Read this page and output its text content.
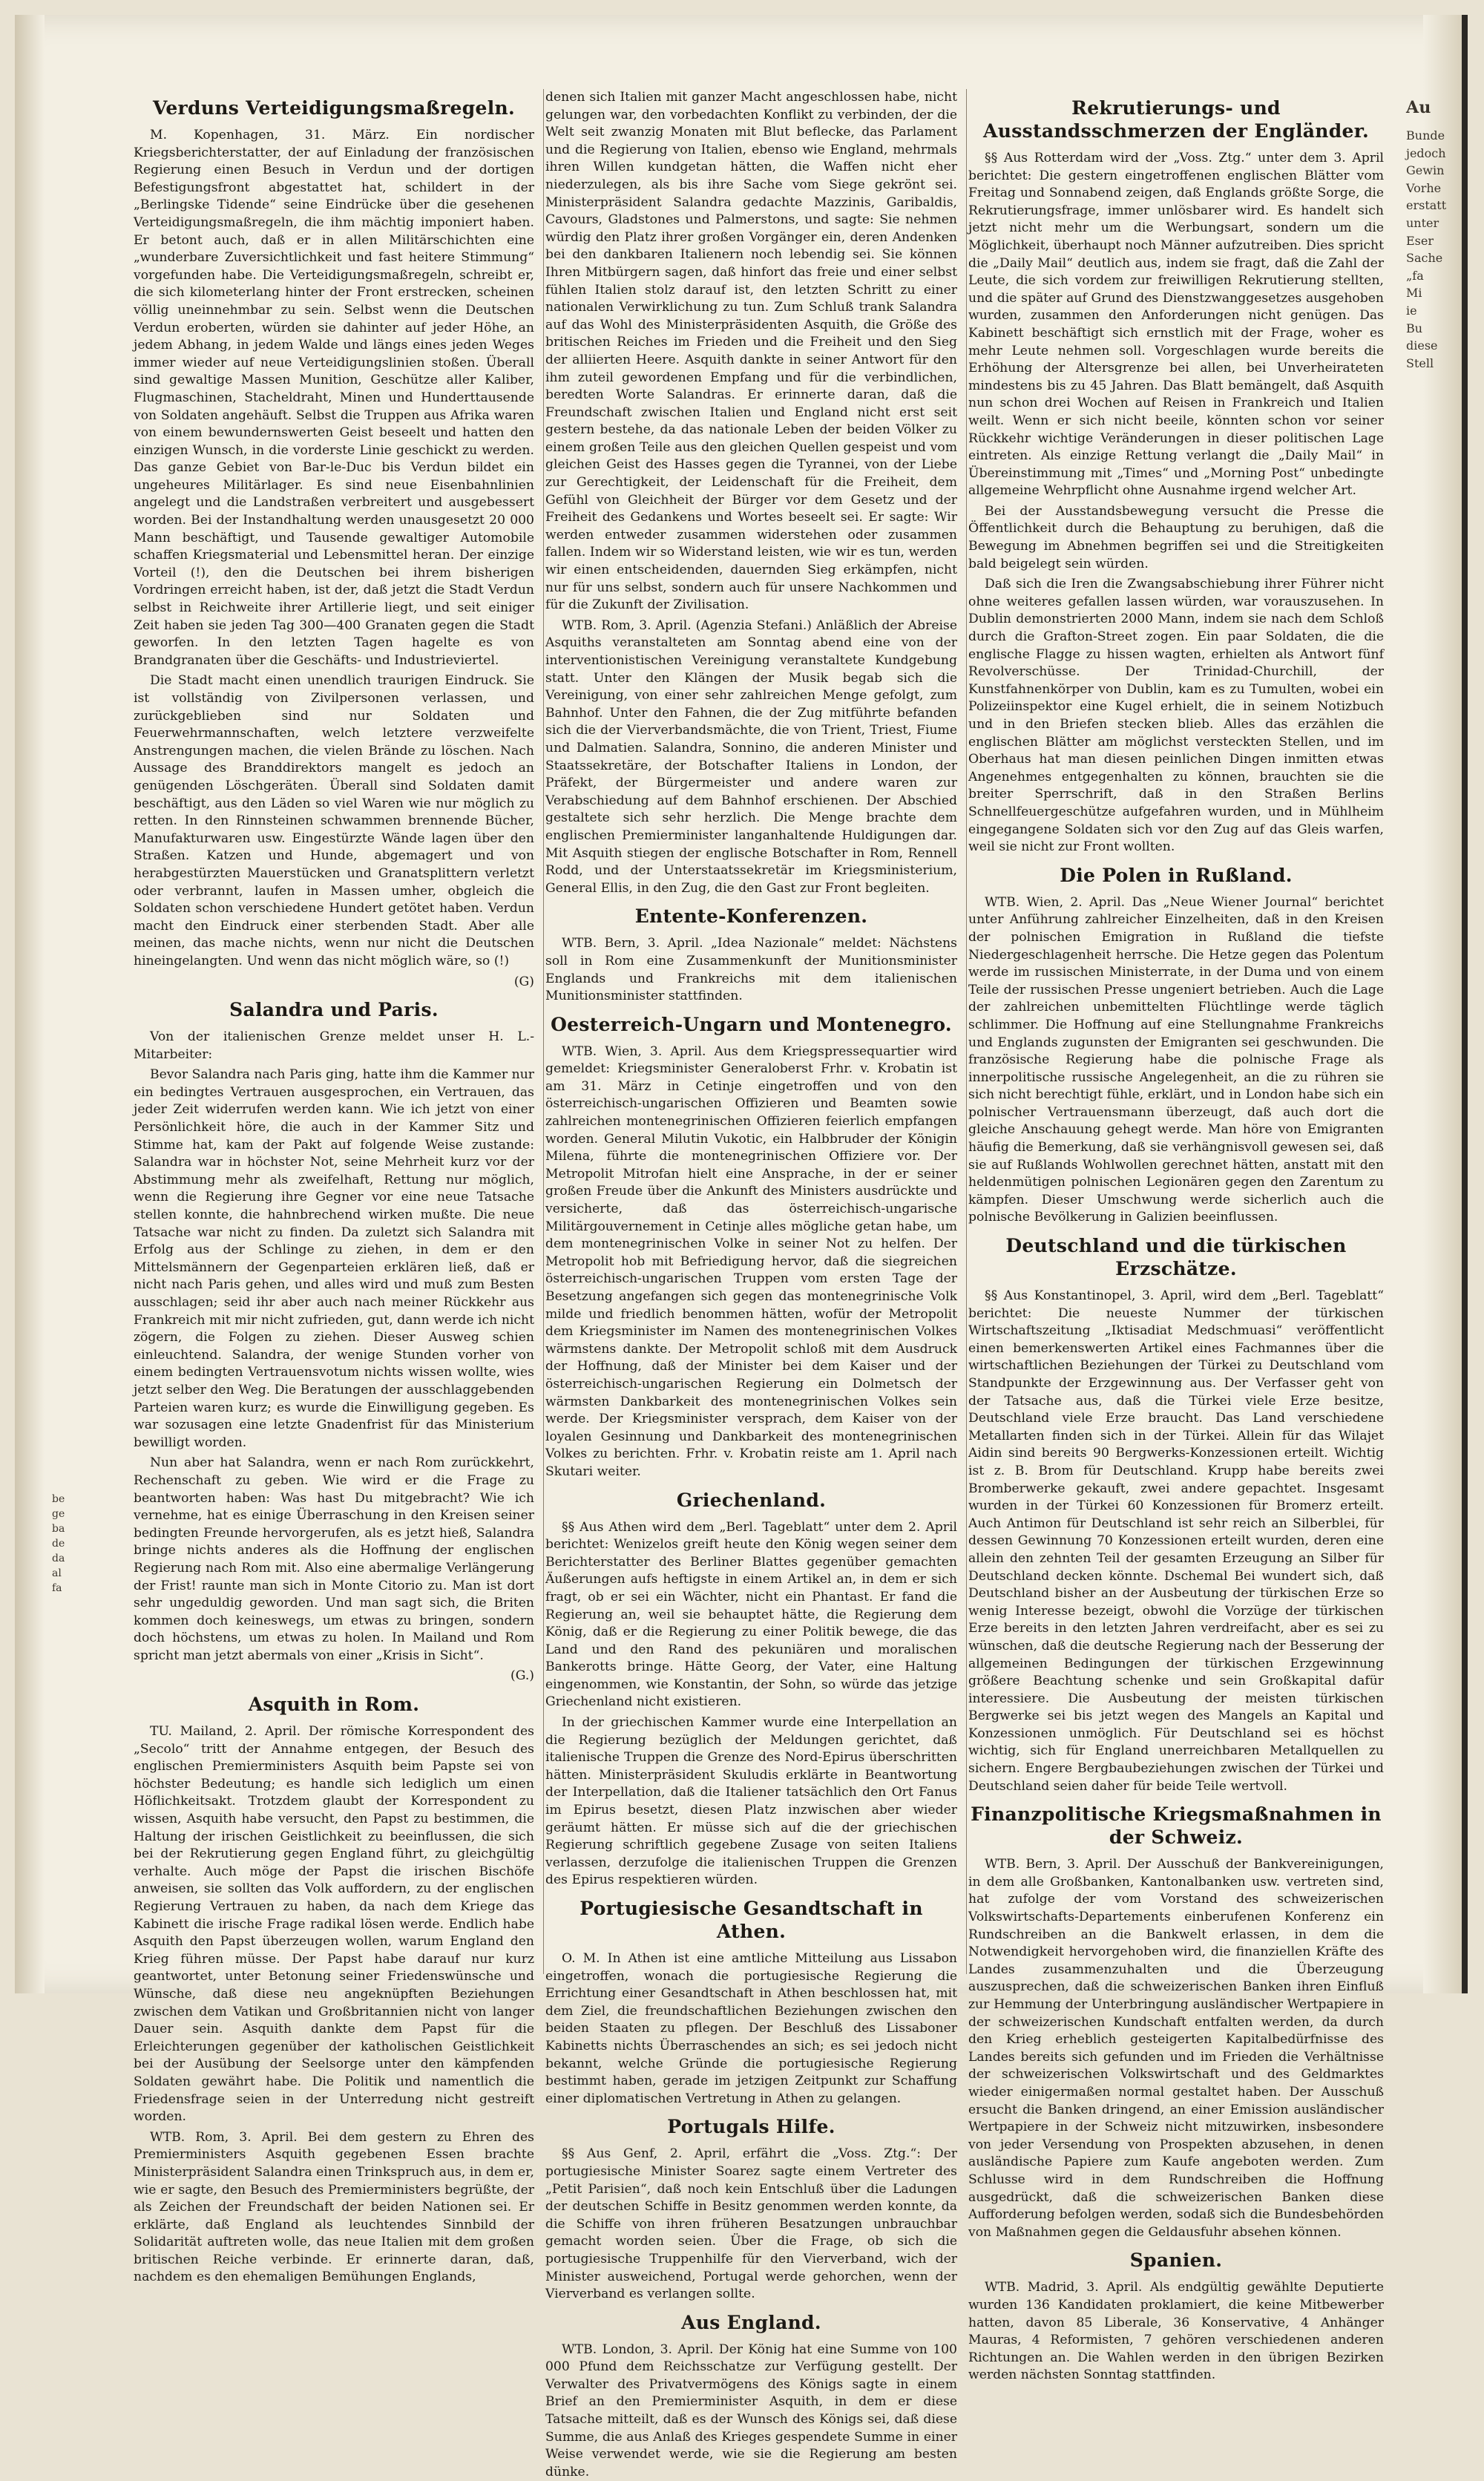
be
ge
ba
de
da
al
fa
Verduns Verteidigungsmaßregeln.

M. Kopenhagen, 31. März. Ein nordischer Kriegsberichterstatter, der auf Einladung der französischen Regierung einen Besuch in Verdun und der dortigen Befestigungsfront abgestattet hat, schildert in der „Berlingske Tidende“ seine Eindrücke über die gesehenen Verteidigungsmaßregeln, die ihm mächtig imponiert haben. Er betont auch, daß er in allen Militärschichten eine „wunderbare Zuversichtlichkeit und fast heitere Stimmung“ vorgefunden habe. Die Verteidigungsmaßregeln, schreibt er, die sich kilometerlang hinter der Front erstrecken, scheinen völlig uneinnehmbar zu sein. Selbst wenn die Deutschen Verdun eroberten, würden sie dahinter auf jeder Höhe, an jedem Abhang, in jedem Walde und längs eines jeden Weges immer wieder auf neue Verteidigungslinien stoßen. Überall sind gewaltige Massen Munition, Geschütze aller Kaliber, Flugmaschinen, Stacheldraht, Minen und Hunderttausende von Soldaten angehäuft. Selbst die Truppen aus Afrika waren von einem bewundernswerten Geist beseelt und hatten den einzigen Wunsch, in die vorderste Linie geschickt zu werden. Das ganze Gebiet von Bar-le-Duc bis Verdun bildet ein ungeheures Militärlager. Es sind neue Eisenbahnlinien angelegt und die Landstraßen verbreitert und ausgebessert worden. Bei der Instandhaltung werden unausgesetzt 20 000 Mann beschäftigt, und Tausende gewaltiger Automobile schaffen Kriegsmaterial und Lebensmittel heran. Der einzige Vorteil (!), den die Deutschen bei ihrem bisherigen Vordringen erreicht haben, ist der, daß jetzt die Stadt Verdun selbst in Reichweite ihrer Artillerie liegt, und seit einiger Zeit haben sie jeden Tag 300—400 Granaten gegen die Stadt geworfen. In den letzten Tagen hagelte es von Brandgranaten über die Geschäfts- und Industrieviertel.

Die Stadt macht einen unendlich traurigen Eindruck. Sie ist vollständig von Zivilpersonen verlassen, und zurückgeblieben sind nur Soldaten und Feuerwehrmannschaften, welch letztere verzweifelte Anstrengungen machen, die vielen Brände zu löschen. Nach Aussage des Branddirektors mangelt es jedoch an genügenden Löschgeräten. Überall sind Soldaten damit beschäftigt, aus den Läden so viel Waren wie nur möglich zu retten. In den Rinnsteinen schwammen brennende Bücher, Manufakturwaren usw. Eingestürzte Wände lagen über den Straßen. Katzen und Hunde, abgemagert und von herabgestürzten Mauerstücken und Granatsplittern verletzt oder verbrannt, laufen in Massen umher, obgleich die Soldaten schon verschiedene Hundert getötet haben. Verdun macht den Eindruck einer sterbenden Stadt. Aber alle meinen, das mache nichts, wenn nur nicht die Deutschen hineingelangten. Und wenn das nicht möglich wäre, so (!)

(G)
Salandra und Paris.

Von der italienischen Grenze meldet unser H. L.-Mitarbeiter:

Bevor Salandra nach Paris ging, hatte ihm die Kammer nur ein bedingtes Vertrauen ausgesprochen, ein Vertrauen, das jeder Zeit widerrufen werden kann. Wie ich jetzt von einer Persönlichkeit höre, die auch in der Kammer Sitz und Stimme hat, kam der Pakt auf folgende Weise zustande: Salandra war in höchster Not, seine Mehrheit kurz vor der Abstimmung mehr als zweifelhaft, Rettung nur möglich, wenn die Regierung ihre Gegner vor eine neue Tatsache stellen konnte, die hahnbrechend wirken mußte. Die neue Tatsache war nicht zu finden. Da zuletzt sich Salandra mit Erfolg aus der Schlinge zu ziehen, in dem er den Mittelsmännern der Gegenparteien erklären ließ, daß er nicht nach Paris gehen, und alles wird und muß zum Besten ausschlagen; seid ihr aber auch nach meiner Rückkehr aus Frankreich mit mir nicht zufrieden, gut, dann werde ich nicht zögern, die Folgen zu ziehen. Dieser Ausweg schien einleuchtend. Salandra, der wenige Stunden vorher von einem bedingten Vertrauensvotum nichts wissen wollte, wies jetzt selber den Weg. Die Beratungen der ausschlaggebenden Parteien waren kurz; es wurde die Einwilligung gegeben. Es war sozusagen eine letzte Gnadenfrist für das Ministerium bewilligt worden.

Nun aber hat Salandra, wenn er nach Rom zurückkehrt, Rechenschaft zu geben. Wie wird er die Frage zu beantworten haben: Was hast Du mitgebracht? Wie ich vernehme, hat es einige Überraschung in den Kreisen seiner bedingten Freunde hervorgerufen, als es jetzt hieß, Salandra bringe nichts anderes als die Hoffnung der englischen Regierung nach Rom mit. Also eine abermalige Verlängerung der Frist! raunte man sich in Monte Citorio zu. Man ist dort sehr ungeduldig geworden. Und man sagt sich, die Briten kommen doch keineswegs, um etwas zu bringen, sondern doch höchstens, um etwas zu holen. In Mailand und Rom spricht man jetzt abermals von einer „Krisis in Sicht“.

(G.)
Asquith in Rom.

TU. Mailand, 2. April. Der römische Korrespondent des „Secolo“ tritt der Annahme entgegen, der Besuch des englischen Premierministers Asquith beim Papste sei von höchster Bedeutung; es handle sich lediglich um einen Höflichkeitsakt. Trotzdem glaubt der Korrespondent zu wissen, Asquith habe versucht, den Papst zu bestimmen, die Haltung der irischen Geistlichkeit zu beeinflussen, die sich bei der Rekrutierung gegen England führt, zu gleichgültig verhalte. Auch möge der Papst die irischen Bischöfe anweisen, sie sollten das Volk auffordern, zu der englischen Regierung Vertrauen zu haben, da nach dem Kriege das Kabinett die irische Frage radikal lösen werde. Endlich habe Asquith den Papst überzeugen wollen, warum England den Krieg führen müsse. Der Papst habe darauf nur kurz geantwortet, unter Betonung seiner Friedenswünsche und Wünsche, daß diese neu angeknüpften Beziehungen zwischen dem Vatikan und Großbritannien nicht von langer Dauer sein. Asquith dankte dem Papst für die Erleichterungen gegenüber der katholischen Geistlichkeit bei der Ausübung der Seelsorge unter den kämpfenden Soldaten gewährt habe. Die Politik und namentlich die Friedensfrage seien in der Unterredung nicht gestreift worden.

WTB. Rom, 3. April. Bei dem gestern zu Ehren des Premierministers Asquith gegebenen Essen brachte Ministerpräsident Salandra einen Trinkspruch aus, in dem er, wie er sagte, den Besuch des Premierministers begrüßte, der als Zeichen der Freundschaft der beiden Nationen sei. Er erklärte, daß England als leuchtendes Sinnbild der Solidarität auftreten wolle, das neue Italien mit dem großen britischen Reiche verbinde. Er erinnerte daran, daß, nachdem es den ehemaligen Bemühungen Englands,

denen sich Italien mit ganzer Macht angeschlossen habe, nicht gelungen war, den vorbedachten Konflikt zu verbinden, der die Welt seit zwanzig Monaten mit Blut beflecke, das Parlament und die Regierung von Italien, ebenso wie England, mehrmals ihren Willen kundgetan hätten, die Waffen nicht eher niederzulegen, als bis ihre Sache vom Siege gekrönt sei. Ministerpräsident Salandra gedachte Mazzinis, Garibaldis, Cavours, Gladstones und Palmerstons, und sagte: Sie nehmen würdig den Platz ihrer großen Vorgänger ein, deren Andenken bei den dankbaren Italienern noch lebendig sei. Sie können Ihren Mitbürgern sagen, daß hinfort das freie und einer selbst fühlen Italien stolz darauf ist, den letzten Schritt zu einer nationalen Verwirklichung zu tun. Zum Schluß trank Salandra auf das Wohl des Ministerpräsidenten Asquith, die Größe des britischen Reiches im Frieden und die Freiheit und den Sieg der alliierten Heere. Asquith dankte in seiner Antwort für den ihm zuteil gewordenen Empfang und für die verbindlichen, beredten Worte Salandras. Er erinnerte daran, daß die Freundschaft zwischen Italien und England nicht erst seit gestern bestehe, da das nationale Leben der beiden Völker zu einem großen Teile aus den gleichen Quellen gespeist und vom gleichen Geist des Hasses gegen die Tyrannei, von der Liebe zur Gerechtigkeit, der Leidenschaft für die Freiheit, dem Gefühl von Gleichheit der Bürger vor dem Gesetz und der Freiheit des Gedankens und Wortes beseelt sei. Er sagte: Wir werden entweder zusammen widerstehen oder zusammen fallen. Indem wir so Widerstand leisten, wie wir es tun, werden wir einen entscheidenden, dauernden Sieg erkämpfen, nicht nur für uns selbst, sondern auch für unsere Nachkommen und für die Zukunft der Zivilisation.

WTB. Rom, 3. April. (Agenzia Stefani.) Anläßlich der Abreise Asquiths veranstalteten am Sonntag abend eine von der interventionistischen Vereinigung veranstaltete Kundgebung statt. Unter den Klängen der Musik begab sich die Vereinigung, von einer sehr zahlreichen Menge gefolgt, zum Bahnhof. Unter den Fahnen, die der Zug mitführte befanden sich die der Vierverbandsmächte, die von Trient, Triest, Fiume und Dalmatien. Salandra, Sonnino, die anderen Minister und Staatssekretäre, der Botschafter Italiens in London, der Präfekt, der Bürgermeister und andere waren zur Verabschiedung auf dem Bahnhof erschienen. Der Abschied gestaltete sich sehr herzlich. Die Menge brachte dem englischen Premierminister langanhaltende Huldigungen dar. Mit Asquith stiegen der englische Botschafter in Rom, Rennell Rodd, und der Unterstaatssekretär im Kriegsministerium, General Ellis, in den Zug, die den Gast zur Front begleiten.

Entente-Konferenzen.

WTB. Bern, 3. April. „Idea Nazionale“ meldet: Nächstens soll in Rom eine Zusammenkunft der Munitionsminister Englands und Frankreichs mit dem italienischen Munitionsminister stattfinden.

Oesterreich-Ungarn und Montenegro.

WTB. Wien, 3. April. Aus dem Kriegspressequartier wird gemeldet: Kriegsminister Generaloberst Frhr. v. Krobatin ist am 31. März in Cetinje eingetroffen und von den österreichisch-ungarischen Offizieren und Beamten sowie zahlreichen montenegrinischen Offizieren feierlich empfangen worden. General Milutin Vukotic, ein Halbbruder der Königin Milena, führte die montenegrinischen Offiziere vor. Der Metropolit Mitrofan hielt eine Ansprache, in der er seiner großen Freude über die Ankunft des Ministers ausdrückte und versicherte, daß das österreichisch-ungarische Militärgouvernement in Cetinje alles mögliche getan habe, um dem montenegrinischen Volke in seiner Not zu helfen. Der Metropolit hob mit Befriedigung hervor, daß die siegreichen österreichisch-ungarischen Truppen vom ersten Tage der Besetzung angefangen sich gegen das montenegrinische Volk milde und friedlich benommen hätten, wofür der Metropolit dem Kriegsminister im Namen des montenegrinischen Volkes wärmstens dankte. Der Metropolit schloß mit dem Ausdruck der Hoffnung, daß der Minister bei dem Kaiser und der österreichisch-ungarischen Regierung ein Dolmetsch der wärmsten Dankbarkeit des montenegrinischen Volkes sein werde. Der Kriegsminister versprach, dem Kaiser von der loyalen Gesinnung und Dankbarkeit des montenegrinischen Volkes zu berichten. Frhr. v. Krobatin reiste am 1. April nach Skutari weiter.

Griechenland.

§§ Aus Athen wird dem „Berl. Tageblatt“ unter dem 2. April berichtet: Wenizelos greift heute den König wegen seiner dem Berichterstatter des Berliner Blattes gegenüber gemachten Äußerungen aufs heftigste in einem Artikel an, in dem er sich fragt, ob er sei ein Wächter, nicht ein Phantast. Er fand die Regierung an, weil sie behauptet hätte, die Regierung dem König, daß er die Regierung zu einer Politik bewege, die das Land und den Rand des pekuniären und moralischen Bankerotts bringe. Hätte Georg, der Vater, eine Haltung eingenommen, wie Konstantin, der Sohn, so würde das jetzige Griechenland nicht existieren.

In der griechischen Kammer wurde eine Interpellation an die Regierung bezüglich der Meldungen gerichtet, daß italienische Truppen die Grenze des Nord-Epirus überschritten hätten. Ministerpräsident Skuludis erklärte in Beantwortung der Interpellation, daß die Italiener tatsächlich den Ort Fanus im Epirus besetzt, diesen Platz inzwischen aber wieder geräumt hätten. Er müsse sich auf die der griechischen Regierung schriftlich gegebene Zusage von seiten Italiens verlassen, derzufolge die italienischen Truppen die Grenzen des Epirus respektieren würden.

Portugiesische Gesandtschaft in Athen.

O. M. In Athen ist eine amtliche Mitteilung aus Lissabon eingetroffen, wonach die portugiesische Regierung die Errichtung einer Gesandtschaft in Athen beschlossen hat, mit dem Ziel, die freundschaftlichen Beziehungen zwischen den beiden Staaten zu pflegen. Der Beschluß des Lissaboner Kabinetts nichts Überraschendes an sich; es sei jedoch nicht bekannt, welche Gründe die portugiesische Regierung bestimmt haben, gerade im jetzigen Zeitpunkt zur Schaffung einer diplomatischen Vertretung in Athen zu gelangen.

Portugals Hilfe.

§§ Aus Genf, 2. April, erfährt die „Voss. Ztg.“: Der portugiesische Minister Soarez sagte einem Vertreter des „Petit Parisien“, daß noch kein Entschluß über die Ladungen der deutschen Schiffe in Besitz genommen werden konnte, da die Schiffe von ihren früheren Besatzungen unbrauchbar gemacht worden seien. Über die Frage, ob sich die portugiesische Truppenhilfe für den Vierverband, wich der Minister ausweichend, Portugal werde gehorchen, wenn der Vierverband es verlangen sollte.

Aus England.

WTB. London, 3. April. Der König hat eine Summe von 100 000 Pfund dem Reichsschatze zur Verfügung gestellt. Der Verwalter des Privatvermögens des Königs sagte in einem Brief an den Premierminister Asquith, in dem er diese Tatsache mitteilt, daß es der Wunsch des Königs sei, daß diese Summe, die aus Anlaß des Krieges gespendete Summe in einer Weise verwendet werde, wie sie die Regierung am besten dünke.

Rekrutierungs- und Ausstandsschmerzen der Engländer.

§§ Aus Rotterdam wird der „Voss. Ztg.“ unter dem 3. April berichtet: Die gestern eingetroffenen englischen Blätter vom Freitag und Sonnabend zeigen, daß Englands größte Sorge, die Rekrutierungsfrage, immer unlösbarer wird. Es handelt sich jetzt nicht mehr um die Werbungsart, sondern um die Möglichkeit, überhaupt noch Männer aufzutreiben. Dies spricht die „Daily Mail“ deutlich aus, indem sie fragt, daß die Zahl der Leute, die sich vordem zur freiwilligen Rekrutierung stellten, und die später auf Grund des Dienstzwanggesetzes ausgehoben wurden, zusammen den Anforderungen nicht genügen. Das Kabinett beschäftigt sich ernstlich mit der Frage, woher es mehr Leute nehmen soll. Vorgeschlagen wurde bereits die Erhöhung der Altersgrenze bei allen, bei Unverheirateten mindestens bis zu 45 Jahren. Das Blatt bemängelt, daß Asquith nun schon drei Wochen auf Reisen in Frankreich und Italien weilt. Wenn er sich nicht beeile, könnten schon vor seiner Rückkehr wichtige Veränderungen in dieser politischen Lage eintreten. Als einzige Rettung verlangt die „Daily Mail“ in Übereinstimmung mit „Times“ und „Morning Post“ unbedingte allgemeine Wehrpflicht ohne Ausnahme irgend welcher Art.

Bei der Ausstandsbewegung versucht die Presse die Öffentlichkeit durch die Behauptung zu beruhigen, daß die Bewegung im Abnehmen begriffen sei und die Streitigkeiten bald beigelegt sein würden.

Daß sich die Iren die Zwangsabschiebung ihrer Führer nicht ohne weiteres gefallen lassen würden, war vorauszusehen. In Dublin demonstrierten 2000 Mann, indem sie nach dem Schloß durch die Grafton-Street zogen. Ein paar Soldaten, die die englische Flagge zu hissen wagten, erhielten als Antwort fünf Revolverschüsse. Der Trinidad-Churchill, der Kunstfahnenkörper von Dublin, kam es zu Tumulten, wobei ein Polizeiinspektor eine Kugel erhielt, die in seinem Notizbuch und in den Briefen stecken blieb. Alles das erzählen die englischen Blätter am möglichst versteckten Stellen, und im Oberhaus hat man diesen peinlichen Dingen inmitten etwas Angenehmes entgegenhalten zu können, brauchten sie die breiter Sperrschrift, daß in den Straßen Berlins Schnellfeuergeschütze aufgefahren wurden, und in Mühlheim eingegangene Soldaten sich vor den Zug auf das Gleis warfen, weil sie nicht zur Front wollten.

Die Polen in Rußland.

WTB. Wien, 2. April. Das „Neue Wiener Journal“ berichtet unter Anführung zahlreicher Einzelheiten, daß in den Kreisen der polnischen Emigration in Rußland die tiefste Niedergeschlagenheit herrsche. Die Hetze gegen das Polentum werde im russischen Ministerrate, in der Duma und von einem Teile der russischen Presse ungeniert betrieben. Auch die Lage der zahlreichen unbemittelten Flüchtlinge werde täglich schlimmer. Die Hoffnung auf eine Stellungnahme Frankreichs und Englands zugunsten der Emigranten sei geschwunden. Die französische Regierung habe die polnische Frage als innerpolitische russische Angelegenheit, an die zu rühren sie sich nicht berechtigt fühle, erklärt, und in London habe sich ein polnischer Vertrauensmann überzeugt, daß auch dort die gleiche Anschauung gehegt werde. Man höre von Emigranten häufig die Bemerkung, daß sie verhängnisvoll gewesen sei, daß sie auf Rußlands Wohlwollen gerechnet hätten, anstatt mit den heldenmütigen polnischen Legionären gegen den Zarentum zu kämpfen. Dieser Umschwung werde sicherlich auch die polnische Bevölkerung in Galizien beeinflussen.

Deutschland und die türkischen Erzschätze.

§§ Aus Konstantinopel, 3. April, wird dem „Berl. Tageblatt“ berichtet: Die neueste Nummer der türkischen Wirtschaftszeitung „Iktisadiat Medschmuasi“ veröffentlicht einen bemerkenswerten Artikel eines Fachmannes über die wirtschaftlichen Beziehungen der Türkei zu Deutschland vom Standpunkte der Erzgewinnung aus. Der Verfasser geht von der Tatsache aus, daß die Türkei viele Erze besitze, Deutschland viele Erze braucht. Das Land verschiedene Metallarten finden sich in der Türkei. Allein für das Wilajet Aidin sind bereits 90 Bergwerks-Konzessionen erteilt. Wichtig ist z. B. Brom für Deutschland. Krupp habe bereits zwei Bromberwerke gekauft, zwei andere gepachtet. Insgesamt wurden in der Türkei 60 Konzessionen für Bromerz erteilt. Auch Antimon für Deutschland ist sehr reich an Silberblei, für dessen Gewinnung 70 Konzessionen erteilt wurden, deren eine allein den zehnten Teil der gesamten Erzeugung an Silber für Deutschland decken könnte. Dschemal Bei wundert sich, daß Deutschland bisher an der Ausbeutung der türkischen Erze so wenig Interesse bezeigt, obwohl die Vorzüge der türkischen Erze bereits in den letzten Jahren verdreifacht, aber es sei zu wünschen, daß die deutsche Regierung nach der Besserung der allgemeinen Bedingungen der türkischen Erzgewinnung größere Beachtung schenke und sein Großkapital dafür interessiere. Die Ausbeutung der meisten türkischen Bergwerke sei bis jetzt wegen des Mangels an Kapital und Konzessionen unmöglich. Für Deutschland sei es höchst wichtig, sich für England unerreichbaren Metallquellen zu sichern. Engere Bergbaubeziehungen zwischen der Türkei und Deutschland seien daher für beide Teile wertvoll.

Finanzpolitische Kriegsmaßnahmen in der Schweiz.

WTB. Bern, 3. April. Der Ausschuß der Bankvereinigungen, in dem alle Großbanken, Kantonalbanken usw. vertreten sind, hat zufolge der vom Vorstand des schweizerischen Volkswirtschafts-Departements einberufenen Konferenz ein Rundschreiben an die Bankwelt erlassen, in dem die Notwendigkeit hervorgehoben wird, die finanziellen Kräfte des Landes zusammenzuhalten und die Überzeugung auszusprechen, daß die schweizerischen Banken ihren Einfluß zur Hemmung der Unterbringung ausländischer Wertpapiere in der schweizerischen Kundschaft entfalten werden, da durch den Krieg erheblich gesteigerten Kapitalbedürfnisse des Landes bereits sich gefunden und im Frieden die Verhältnisse der schweizerischen Volkswirtschaft und des Geldmarktes wieder einigermaßen normal gestaltet haben. Der Ausschuß ersucht die Banken dringend, an einer Emission ausländischer Wertpapiere in der Schweiz nicht mitzuwirken, insbesondere von jeder Versendung von Prospekten abzusehen, in denen ausländische Papiere zum Kaufe angeboten werden. Zum Schlusse wird in dem Rundschreiben die Hoffnung ausgedrückt, daß die schweizerischen Banken diese Aufforderung befolgen werden, sodaß sich die Bundesbehörden von Maßnahmen gegen die Geldausfuhr absehen können.

Spanien.

WTB. Madrid, 3. April. Als endgültig gewählte Deputierte wurden 136 Kandidaten proklamiert, die keine Mitbewerber hatten, davon 85 Liberale, 36 Konservative, 4 Anhänger Mauras, 4 Reformisten, 7 gehören verschiedenen anderen Richtungen an. Die Wahlen werden in den übrigen Bezirken werden nächsten Sonntag stattfinden.

Au
Bunde
jedoch
Gewin
Vorhe
erstatt
unter
Eser
Sache
„fa
Mi
ie
Bu
diese
Stell
